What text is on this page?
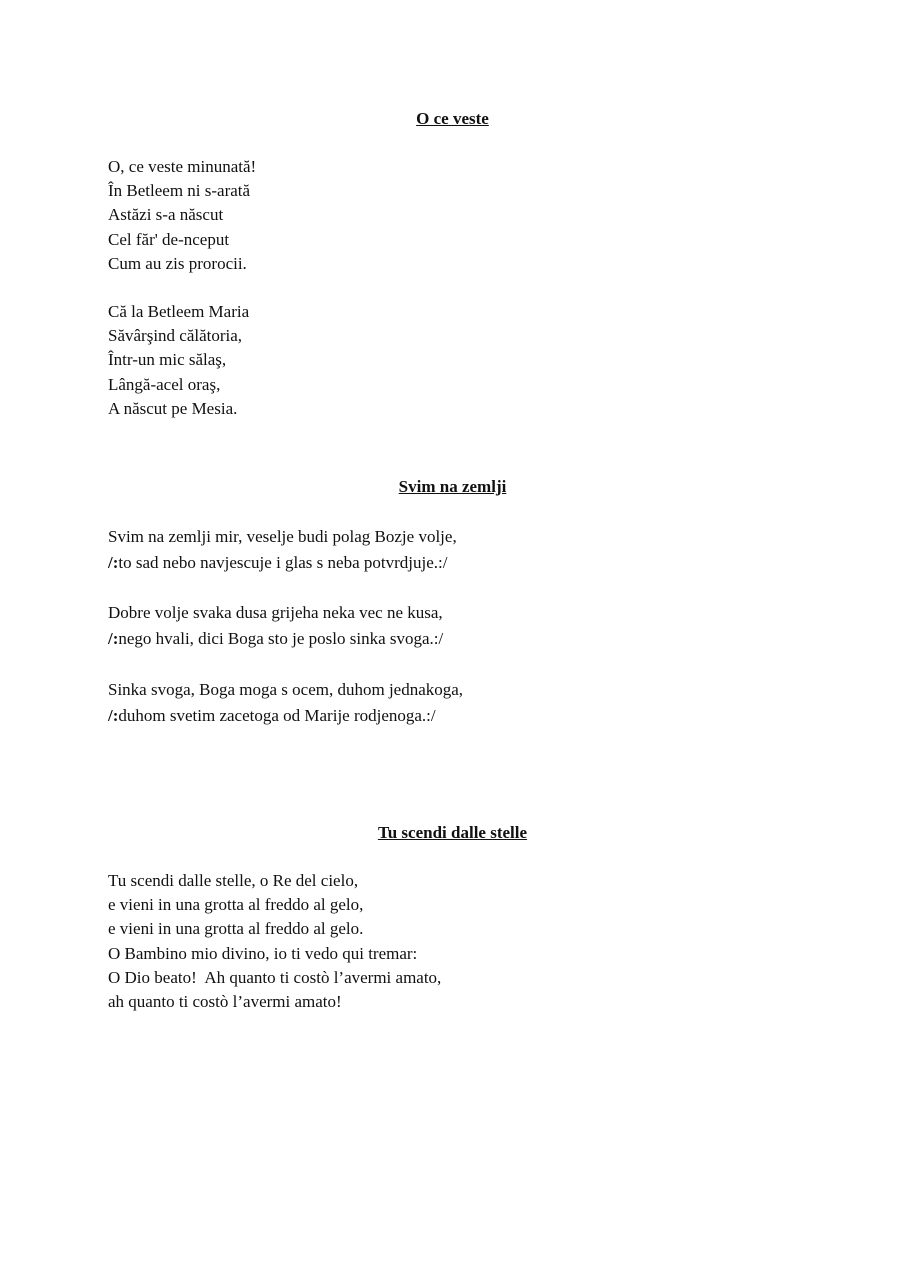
O ce veste
O, ce veste minunată!
În Betleem ni s-arată
Astăzi s-a născut
Cel făr' de-nceput
Cum au zis prorocii.
Că la Betleem Maria
Săvârşind călătoria,
Într-un mic sălaş,
Lângă-acel oraş,
A născut pe Mesia.
Svim na zemlji
Svim na zemlji mir, veselje budi polag Bozje volje,
/:to sad nebo navjescuje i glas s neba potvrdjuje.:/
Dobre volje svaka dusa grijeha neka vec ne kusa,
/:nego hvali, dici Boga sto je poslo sinka svoga.:/
Sinka svoga, Boga moga s ocem, duhom jednakoga,
/:duhom svetim zacetoga od Marije rodjenoga.:/
Tu scendi dalle stelle
Tu scendi dalle stelle, o Re del cielo,
e vieni in una grotta al freddo al gelo,
e vieni in una grotta al freddo al gelo.
O Bambino mio divino, io ti vedo qui tremar:
O Dio beato!  Ah quanto ti costò l’avermi amato,
ah quanto ti costò l’avermi amato!
